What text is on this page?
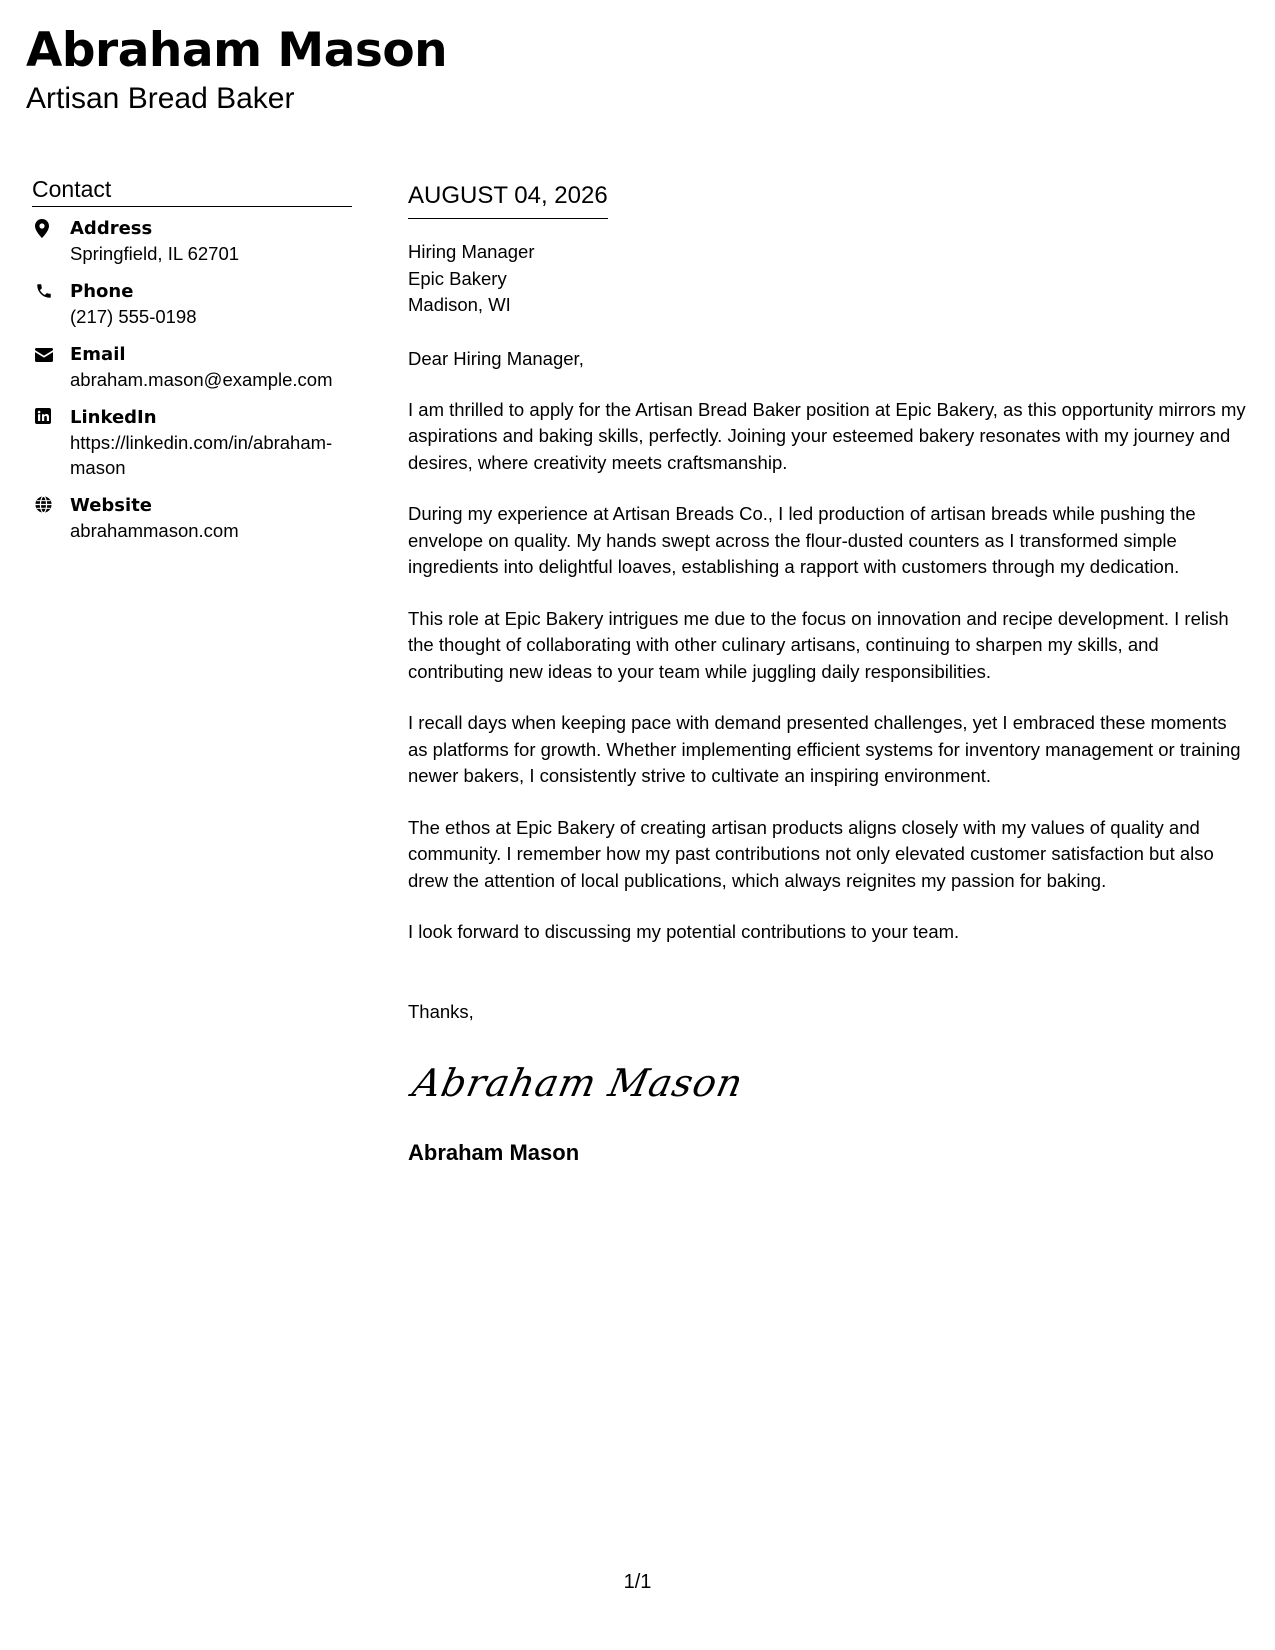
Abraham Mason
Artisan Bread Baker
Contact
Address
Springfield, IL 62701
Phone
(217) 555-0198
Email
abraham.mason@example.com
LinkedIn
https://linkedin.com/in/abraham-mason
Website
abrahammason.com
AUGUST 04, 2026
Hiring Manager
Epic Bakery
Madison, WI
Dear Hiring Manager,

I am thrilled to apply for the Artisan Bread Baker position at Epic Bakery, as this opportunity mirrors my aspirations and baking skills, perfectly. Joining your esteemed bakery resonates with my journey and desires, where creativity meets craftsmanship.

During my experience at Artisan Breads Co., I led production of artisan breads while pushing the envelope on quality. My hands swept across the flour-dusted counters as I transformed simple ingredients into delightful loaves, establishing a rapport with customers through my dedication.

This role at Epic Bakery intrigues me due to the focus on innovation and recipe development. I relish the thought of collaborating with other culinary artisans, continuing to sharpen my skills, and contributing new ideas to your team while juggling daily responsibilities.

I recall days when keeping pace with demand presented challenges, yet I embraced these moments as platforms for growth. Whether implementing efficient systems for inventory management or training newer bakers, I consistently strive to cultivate an inspiring environment.

The ethos at Epic Bakery of creating artisan products aligns closely with my values of quality and community. I remember how my past contributions not only elevated customer satisfaction but also drew the attention of local publications, which always reignites my passion for baking.

I look forward to discussing my potential contributions to your team.

Thanks,
Abraham Mason
Abraham Mason
1/1
